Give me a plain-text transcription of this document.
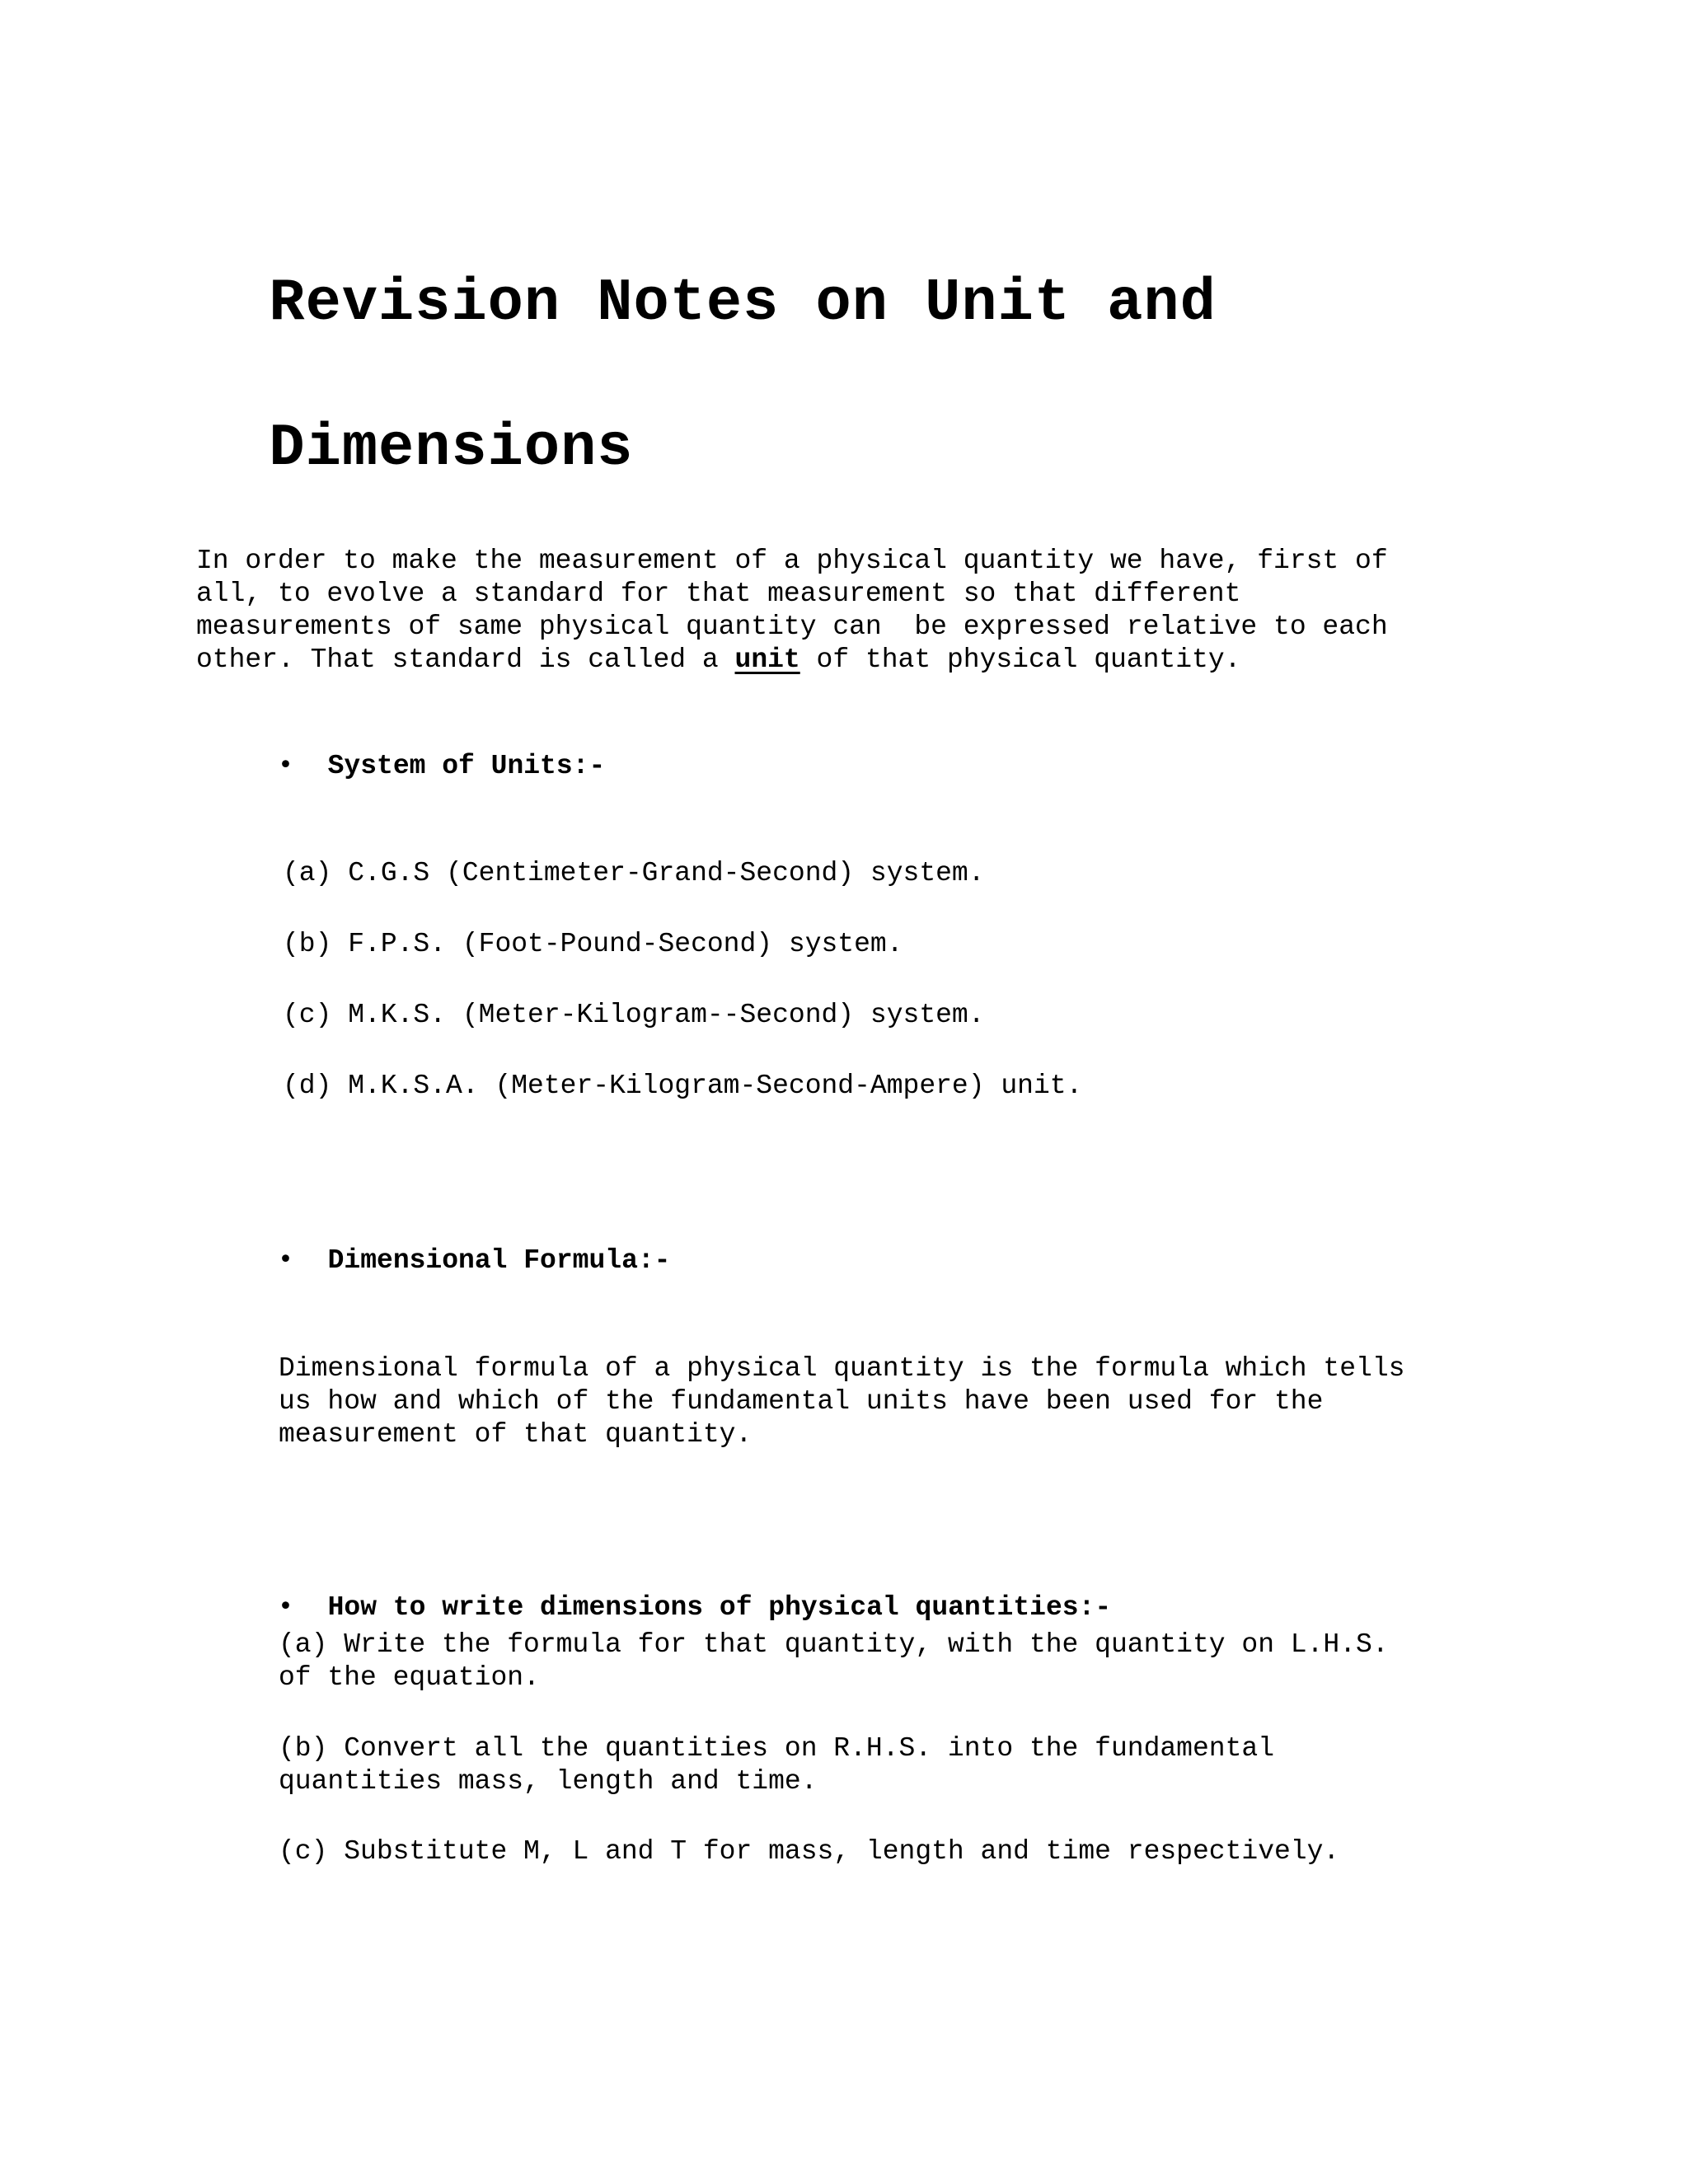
Revision Notes on Unit and

Dimensions

In order to make the measurement of a physical quantity we have, first of
all, to evolve a standard for that measurement so that different
measurements of same physical quantity can  be expressed relative to each
other. That standard is called a unit of that physical quantity.

• System of Units:-

(a) C.G.S (Centimeter-Grand-Second) system.
(b) F.P.S. (Foot-Pound-Second) system.
(c) M.K.S. (Meter-Kilogram--Second) system.
(d) M.K.S.A. (Meter-Kilogram-Second-Ampere) unit.

• Dimensional Formula:-

Dimensional formula of a physical quantity is the formula which tells
us how and which of the fundamental units have been used for the
measurement of that quantity.

• How to write dimensions of physical quantities:-

(a) Write the formula for that quantity, with the quantity on L.H.S.
of the equation.

(b) Convert all the quantities on R.H.S. into the fundamental
quantities mass, length and time.

(c) Substitute M, L and T for mass, length and time respectively.
